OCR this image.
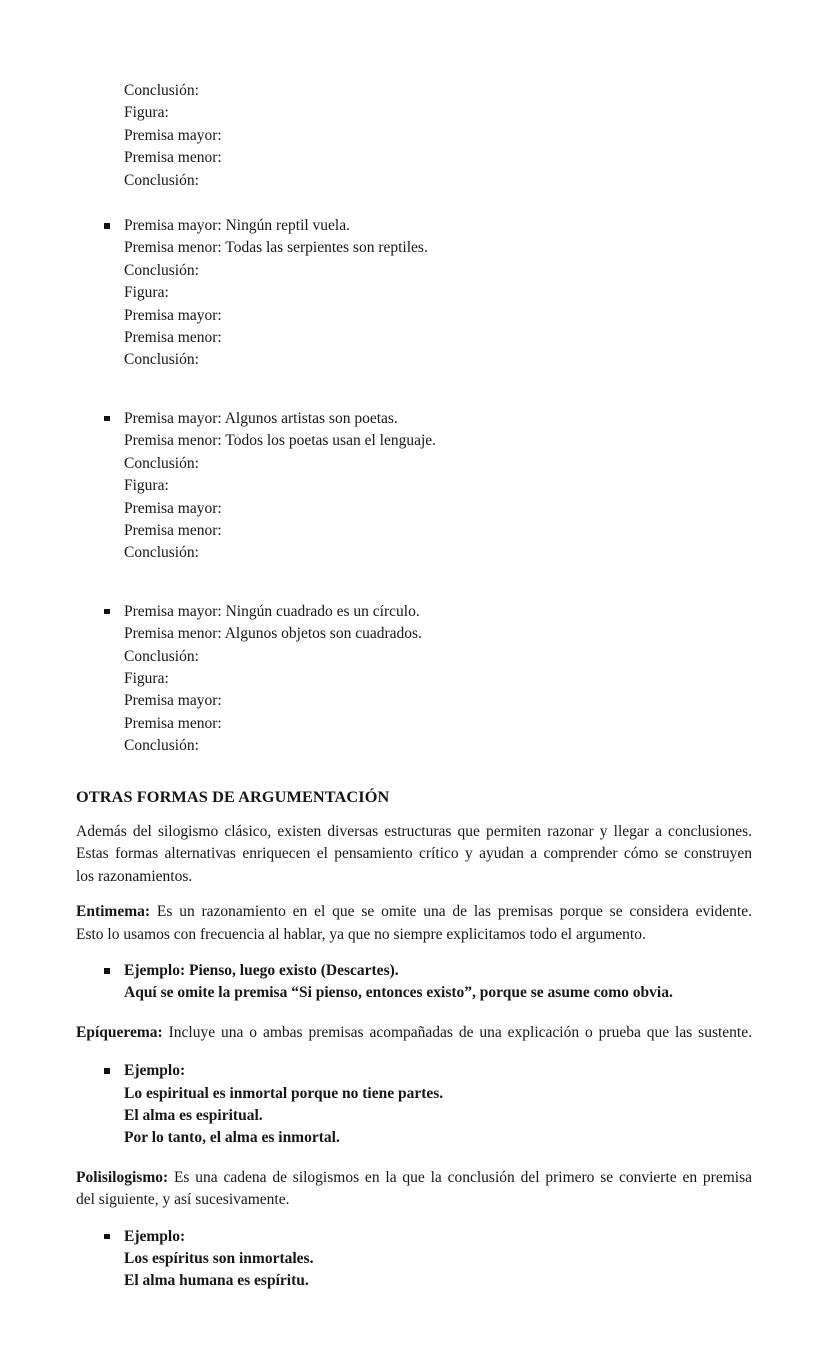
Conclusión:
Figura:
Premisa mayor:
Premisa menor:
Conclusión:
Premisa mayor: Ningún reptil vuela.
Premisa menor: Todas las serpientes son reptiles.
Conclusión:
Figura:
Premisa mayor:
Premisa menor:
Conclusión:
Premisa mayor: Algunos artistas son poetas.
Premisa menor: Todos los poetas usan el lenguaje.
Conclusión:
Figura:
Premisa mayor:
Premisa menor:
Conclusión:
Premisa mayor: Ningún cuadrado es un círculo.
Premisa menor: Algunos objetos son cuadrados.
Conclusión:
Figura:
Premisa mayor:
Premisa menor:
Conclusión:
OTRAS FORMAS DE ARGUMENTACIÓN
Además del silogismo clásico, existen diversas estructuras que permiten razonar y llegar a conclusiones.
Estas formas alternativas enriquecen el pensamiento crítico y ayudan a comprender cómo se construyen
los razonamientos.
Entimema: Es un razonamiento en el que se omite una de las premisas porque se considera evidente.
Esto lo usamos con frecuencia al hablar, ya que no siempre explicitamos todo el argumento.
Ejemplo: Pienso, luego existo (Descartes).
Aquí se omite la premisa “Si pienso, entonces existo”, porque se asume como obvia.
Epíquerema: Incluye una o ambas premisas acompañadas de una explicación o prueba que las sustente.
Ejemplo:
Lo espiritual es inmortal porque no tiene partes.
El alma es espiritual.
Por lo tanto, el alma es inmortal.
Polisilogismo: Es una cadena de silogismos en la que la conclusión del primero se convierte en premisa
del siguiente, y así sucesivamente.
Ejemplo:
Los espíritus son inmortales.
El alma humana es espíritu.
